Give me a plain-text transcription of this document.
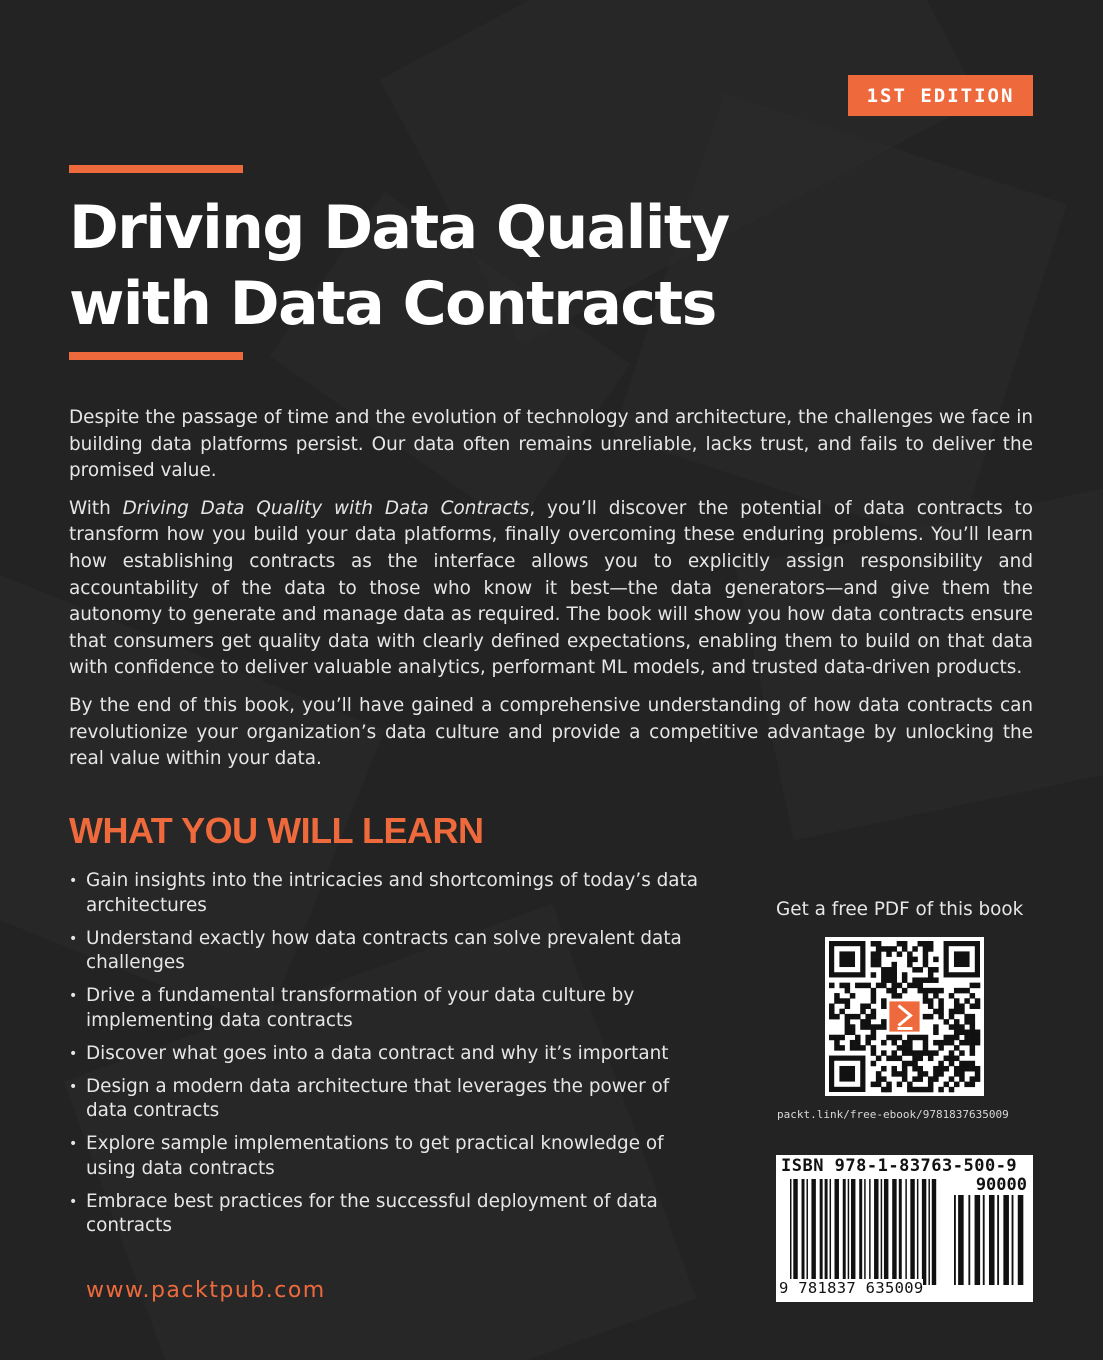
1ST EDITION
Driving Data Quality
with Data Contracts

Despite the passage of time and the evolution of technology and architecture, the challenges we face in building data platforms persist. Our data often remains unreliable, lacks trust, and fails to deliver the promised value.

With Driving Data Quality with Data Contracts, you’ll discover the potential of data contracts to transform how you build your data platforms, finally overcoming these enduring problems. You’ll learn how establishing contracts as the interface allows you to explicitly assign responsibility and accountability of the data to those who know it best—the data generators—and give them the autonomy to generate and manage data as required. The book will show you how data contracts ensure that consumers get quality data with clearly defined expectations, enabling them to build on that data with confidence to deliver valuable analytics, performant ML models, and trusted data-driven products.

By the end of this book, you’ll have gained a comprehensive understanding of how data contracts can revolutionize your organization’s data culture and provide a competitive advantage by unlocking the real value within your data.

WHAT YOU WILL LEARN
• Gain insights into the intricacies and shortcomings of today’s data architectures
• Understand exactly how data contracts can solve prevalent data challenges
• Drive a fundamental transformation of your data culture by implementing data contracts
• Discover what goes into a data contract and why it’s important
• Design a modern data architecture that leverages the power of data contracts
• Explore sample implementations to get practical knowledge of using data contracts
• Embrace best practices for the successful deployment of data contracts
www.packtpub.com
Get a free PDF of this book
packt.link/free-ebook/9781837635009
ISBN 978-1-83763-500-9
90000
9 781837 635009
